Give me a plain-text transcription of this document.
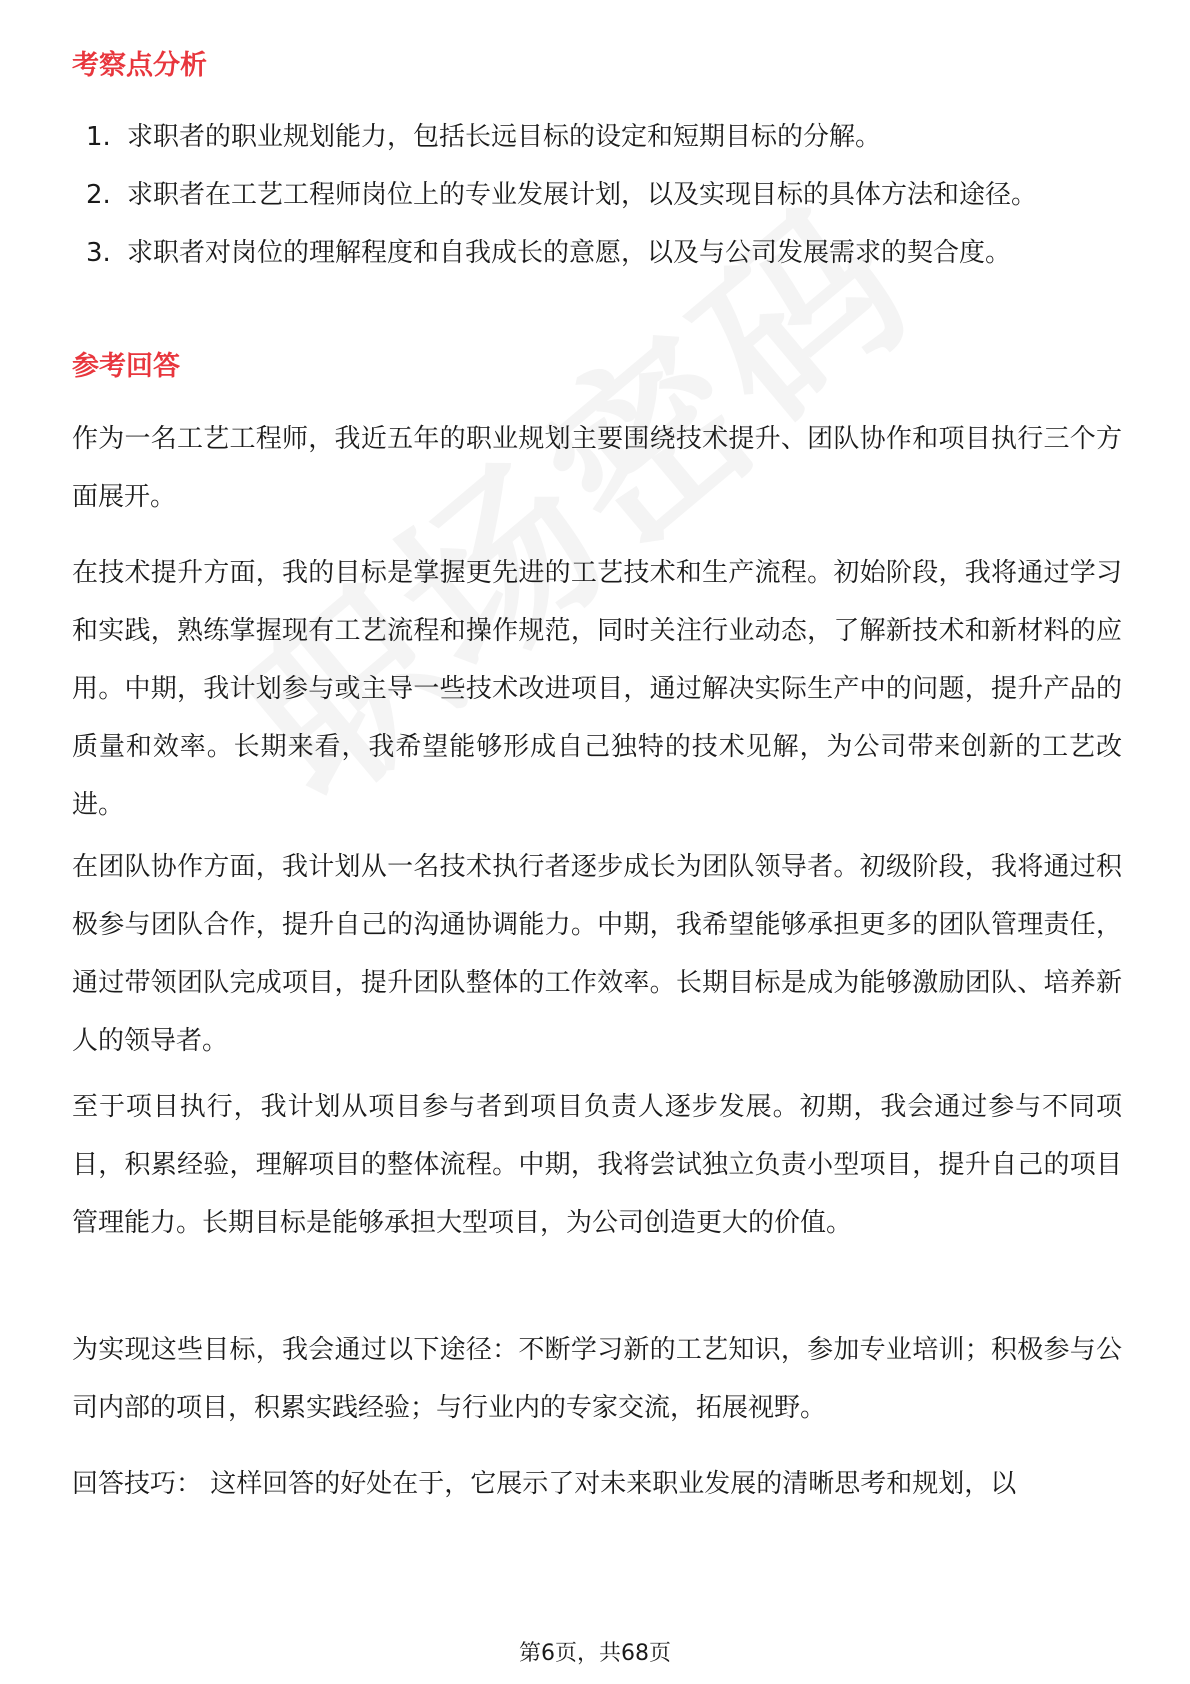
考察点分析
1. 求职者的职业规划能力，包括长远目标的设定和短期目标的分解。
2. 求职者在工艺工程师岗位上的专业发展计划，以及实现目标的具体方法和途径。
3. 求职者对岗位的理解程度和自我成长的意愿，以及与公司发展需求的契合度。
参考回答

作为一名工艺工程师，我近五年的职业规划主要围绕技术提升、团队协作和项目执行三个方面展开。

在技术提升方面，我的目标是掌握更先进的工艺技术和生产流程。初始阶段，我将通过学习和实践，熟练掌握现有工艺流程和操作规范，同时关注行业动态，了解新技术和新材料的应用。中期，我计划参与或主导一些技术改进项目，通过解决实际生产中的问题，提升产品的质量和效率。长期来看，我希望能够形成自己独特的技术见解，为公司带来创新的工艺改进。

在团队协作方面，我计划从一名技术执行者逐步成长为团队领导者。初级阶段，我将通过积极参与团队合作，提升自己的沟通协调能力。中期，我希望能够承担更多的团队管理责任，通过带领团队完成项目，提升团队整体的工作效率。长期目标是成为能够激励团队、培养新人的领导者。

至于项目执行，我计划从项目参与者到项目负责人逐步发展。初期，我会通过参与不同项目，积累经验，理解项目的整体流程。中期，我将尝试独立负责小型项目，提升自己的项目管理能力。长期目标是能够承担大型项目，为公司创造更大的价值。

为实现这些目标，我会通过以下途径：不断学习新的工艺知识，参加专业培训；积极参与公司内部的项目，积累实践经验；与行业内的专家交流，拓展视野。

回答技巧： 这样回答的好处在于，它展示了对未来职业发展的清晰思考和规划，以

第6页，共68页
